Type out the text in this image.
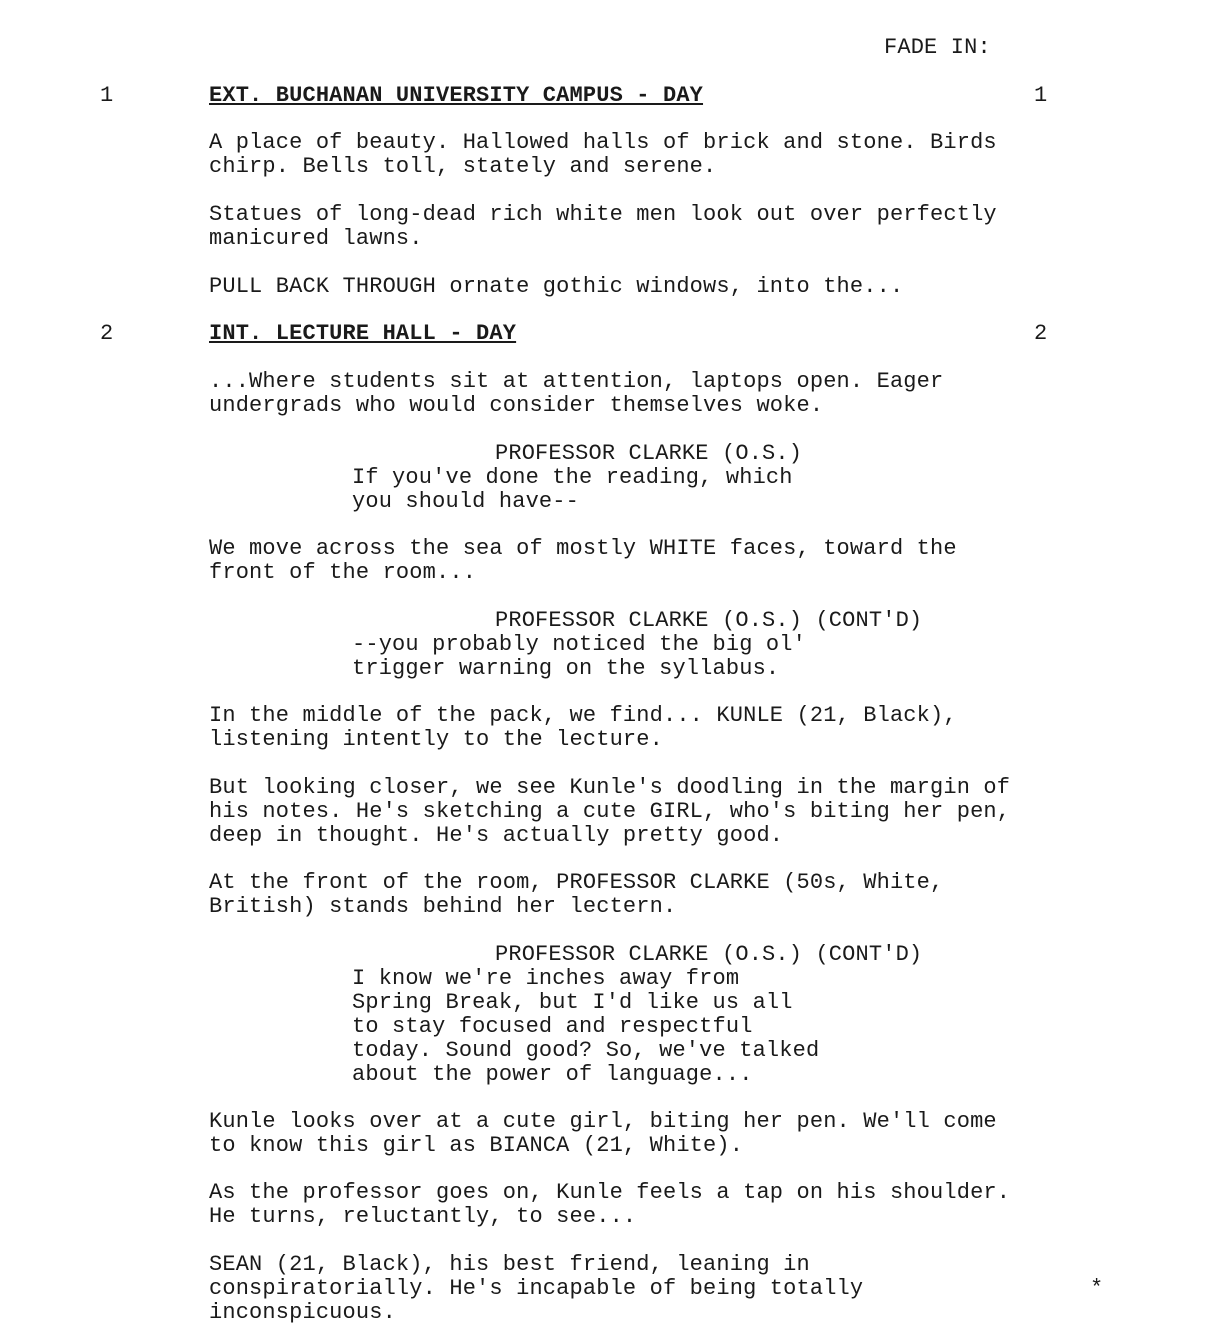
FADE IN:
1	EXT. BUCHANAN UNIVERSITY CAMPUS - DAY	1
A place of beauty. Hallowed halls of brick and stone. Birds
chirp. Bells toll, stately and serene.
Statues of long-dead rich white men look out over perfectly
manicured lawns.
PULL BACK THROUGH ornate gothic windows, into the...
2	INT. LECTURE HALL - DAY	2
...Where students sit at attention, laptops open. Eager
undergrads who would consider themselves woke.
PROFESSOR CLARKE (O.S.)
If you've done the reading, which
you should have--
We move across the sea of mostly WHITE faces, toward the
front of the room...
PROFESSOR CLARKE (O.S.) (CONT'D)
--you probably noticed the big ol'
trigger warning on the syllabus.
In the middle of the pack, we find... KUNLE (21, Black),
listening intently to the lecture.
But looking closer, we see Kunle's doodling in the margin of
his notes. He's sketching a cute GIRL, who's biting her pen,
deep in thought. He's actually pretty good.
At the front of the room, PROFESSOR CLARKE (50s, White,
British) stands behind her lectern.
PROFESSOR CLARKE (O.S.) (CONT'D)
I know we're inches away from
Spring Break, but I'd like us all
to stay focused and respectful
today. Sound good? So, we've talked
about the power of language...
Kunle looks over at a cute girl, biting her pen. We'll come
to know this girl as BIANCA (21, White).
As the professor goes on, Kunle feels a tap on his shoulder.
He turns, reluctantly, to see...
SEAN (21, Black), his best friend, leaning in
conspiratorially. He's incapable of being totally
inconspicuous.
*
